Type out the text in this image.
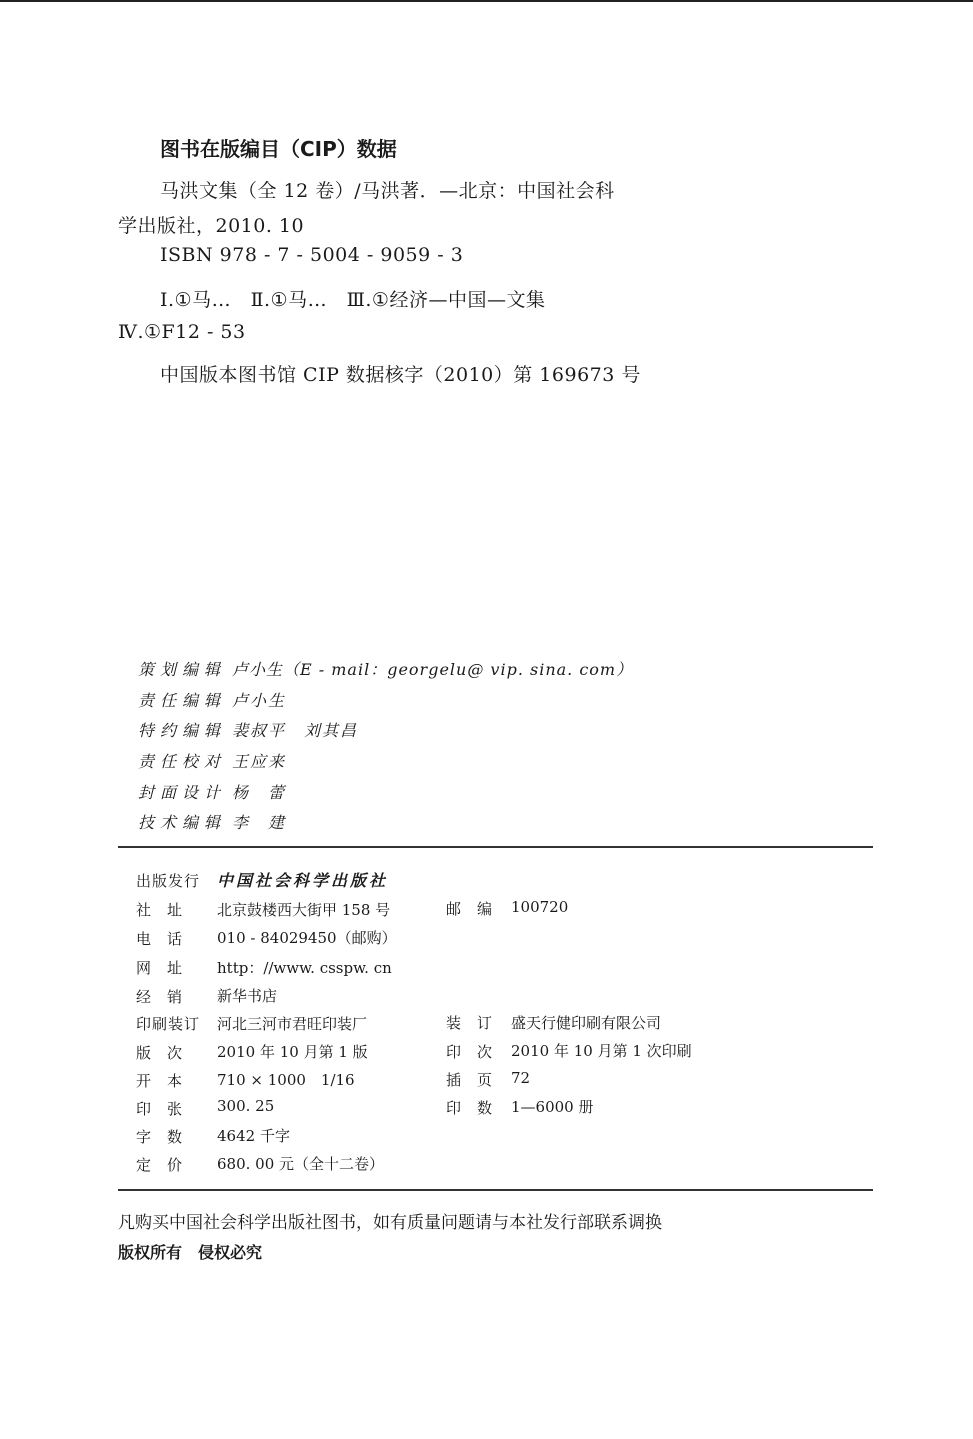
图书在版编目（CIP）数据
马洪文集（全 12 卷）/马洪著．—北京：中国社会科
学出版社，2010. 10
ISBN 978 - 7 - 5004 - 9059 - 3
Ⅰ.①马…　Ⅱ.①马…　Ⅲ.①经济—中国—文集
Ⅳ.①F12 - 53
中国版本图书馆 CIP 数据核字（2010）第 169673 号
策划编辑 卢小生（E - mail：georgelu@ vip. sina. com）
责任编辑 卢小生
特约编辑 裴叔平　刘其昌
责任校对 王应来
封面设计 杨　蕾
技术编辑 李　建
出版发行 中国社会科学出版社
社址 北京鼓楼西大街甲 158 号	邮编 100720
电话 010 - 84029450（邮购）
网址 http：//www. csspw. cn
经销 新华书店
印刷装订 河北三河市君旺印装厂	装订 盛天行健印刷有限公司
版次 2010 年 10 月第 1 版	印次 2010 年 10 月第 1 次印刷
开本 710 × 1000　1/16	插页 72
印张 300. 25	印数 1—6000 册
字数 4642 千字
定价 680. 00 元（全十二卷）
凡购买中国社会科学出版社图书，如有质量问题请与本社发行部联系调换
版权所有　侵权必究
